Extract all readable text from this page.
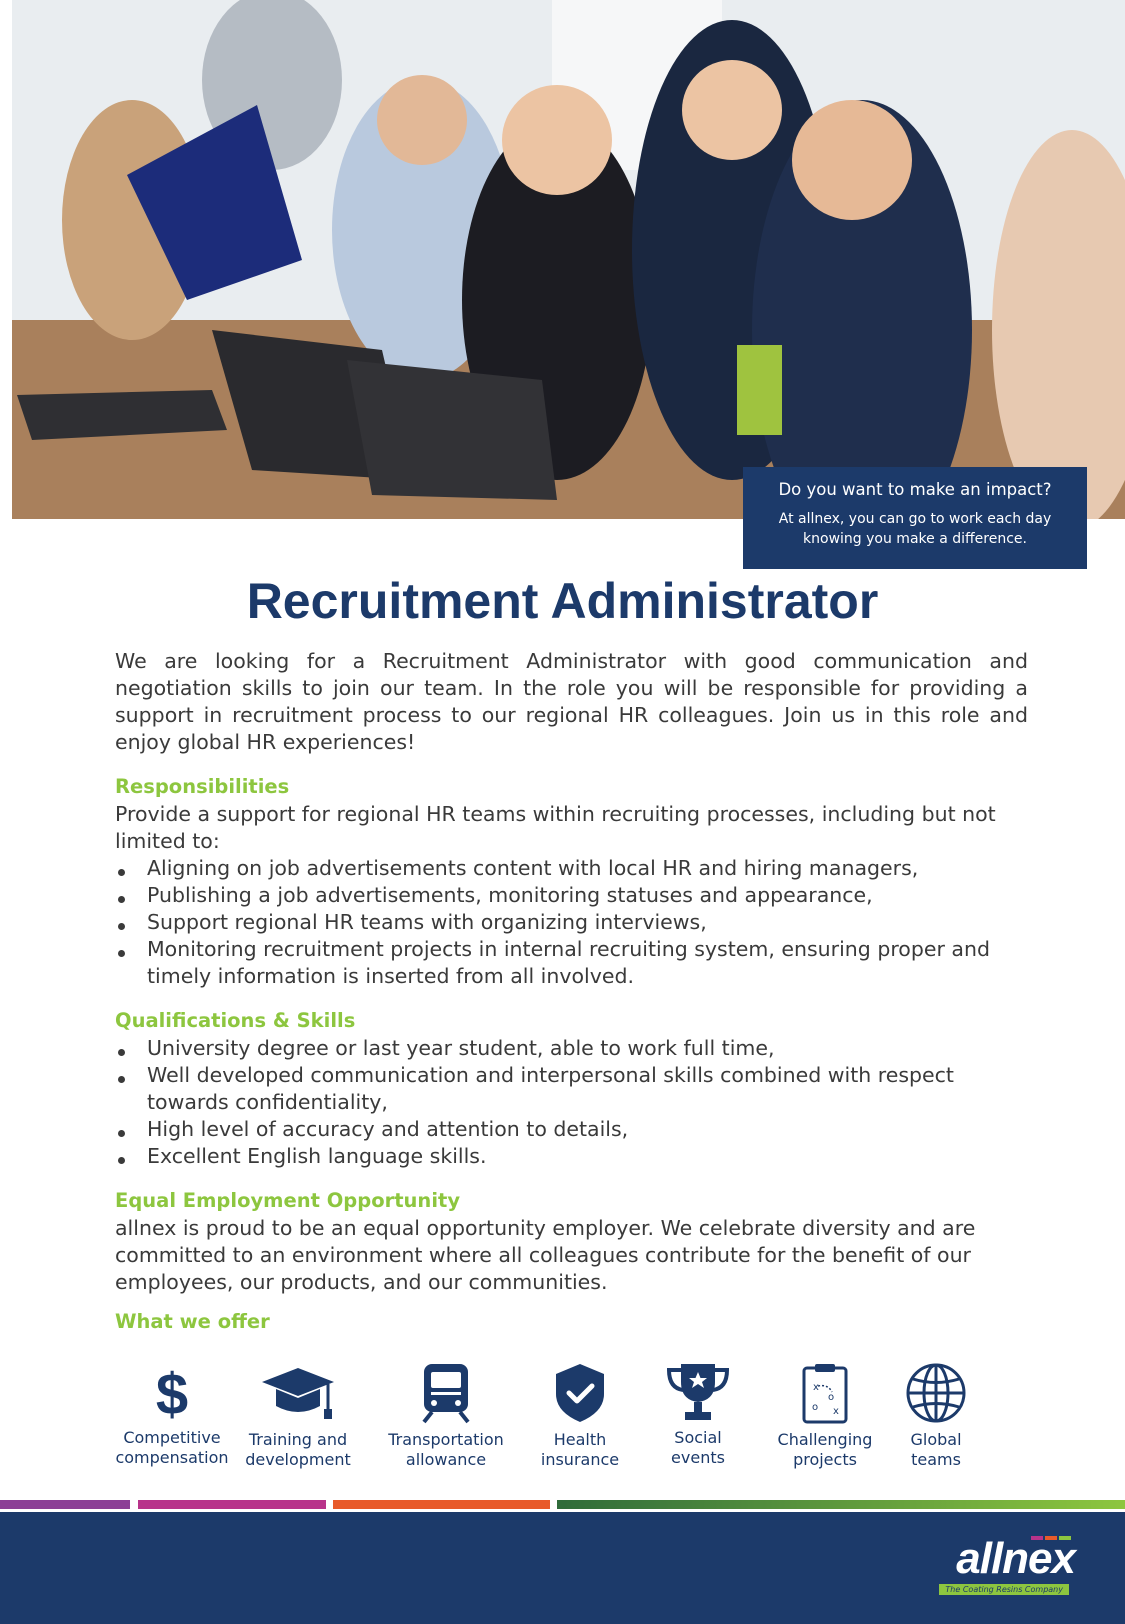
Do you want to make an impact?
At allnex, you can go to work each day knowing you make a difference.
Recruitment Administrator

We are looking for a Recruitment Administrator with good communication and negotiation skills to join our team. In the role you will be responsible for providing a support in recruitment process to our regional HR colleagues. Join us in this role and enjoy global HR experiences!

Responsibilities

Provide a support for regional HR teams within recruiting processes, including but not limited to:

Aligning on job advertisements content with local HR and hiring managers,
Publishing a job advertisements, monitoring statuses and appearance,
Support regional HR teams with organizing interviews,
Monitoring recruitment projects in internal recruiting system, ensuring proper and timely information is inserted from all involved.

Qualifications & Skills

University degree or last year student, able to work full time,
Well developed communication and interpersonal skills combined with respect towards confidentiality,
High level of accuracy and attention to details,
Excellent English language skills.

Equal Employment Opportunity

allnex is proud to be an equal opportunity employer. We celebrate diversity and are committed to an environment where all colleagues contribute for the benefit of our employees, our products, and our communities.

What we offer

$
Competitive
compensation
Training and
development
Transportation
allowance
Health
insurance
Social
events
x
o
x
o
Challenging
projects
Global
teams
allnex
The Coating Resins Company
